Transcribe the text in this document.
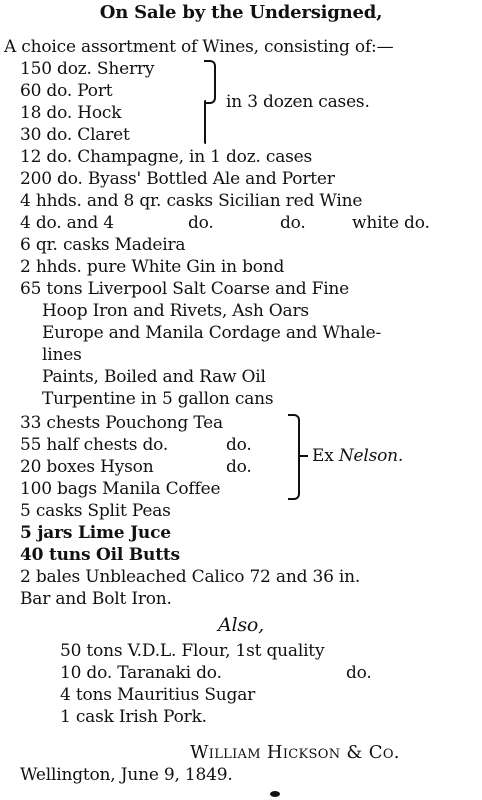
On Sale by the Undersigned,
A choice assortment of Wines, consisting of:—
150 doz. Sherry
60 do. Port
18 do. Hock
30 do. Claret
in 3 dozen cases.
12 do. Champagne, in 1 doz. cases
200 do. Byass' Bottled Ale and Porter
4 hhds. and 8 qr. casks Sicilian red Wine
4 do. and 4	do.	do.	white do.
6 qr. casks Madeira
2 hhds. pure White Gin in bond
65 tons Liverpool Salt Coarse and Fine
Hoop Iron and Rivets, Ash Oars
Europe and Manila Cordage and Whale-
lines
Paints, Boiled and Raw Oil
Turpentine in 5 gallon cans
33 chests Pouchong Tea
55 half chests do.	do.
20 boxes Hyson	do.
100 bags Manila Coffee
Ex Nelson.
5 casks Split Peas
5 jars Lime Juce
40 tuns Oil Butts
2 bales Unbleached Calico 72 and 36 in.
Bar and Bolt Iron.
Also,
50 tons V.D.L. Flour, 1st quality
10 do. Taranaki do.	do.
4 tons Mauritius Sugar
1 cask Irish Pork.
William Hickson & Co.
Wellington, June 9, 1849.
